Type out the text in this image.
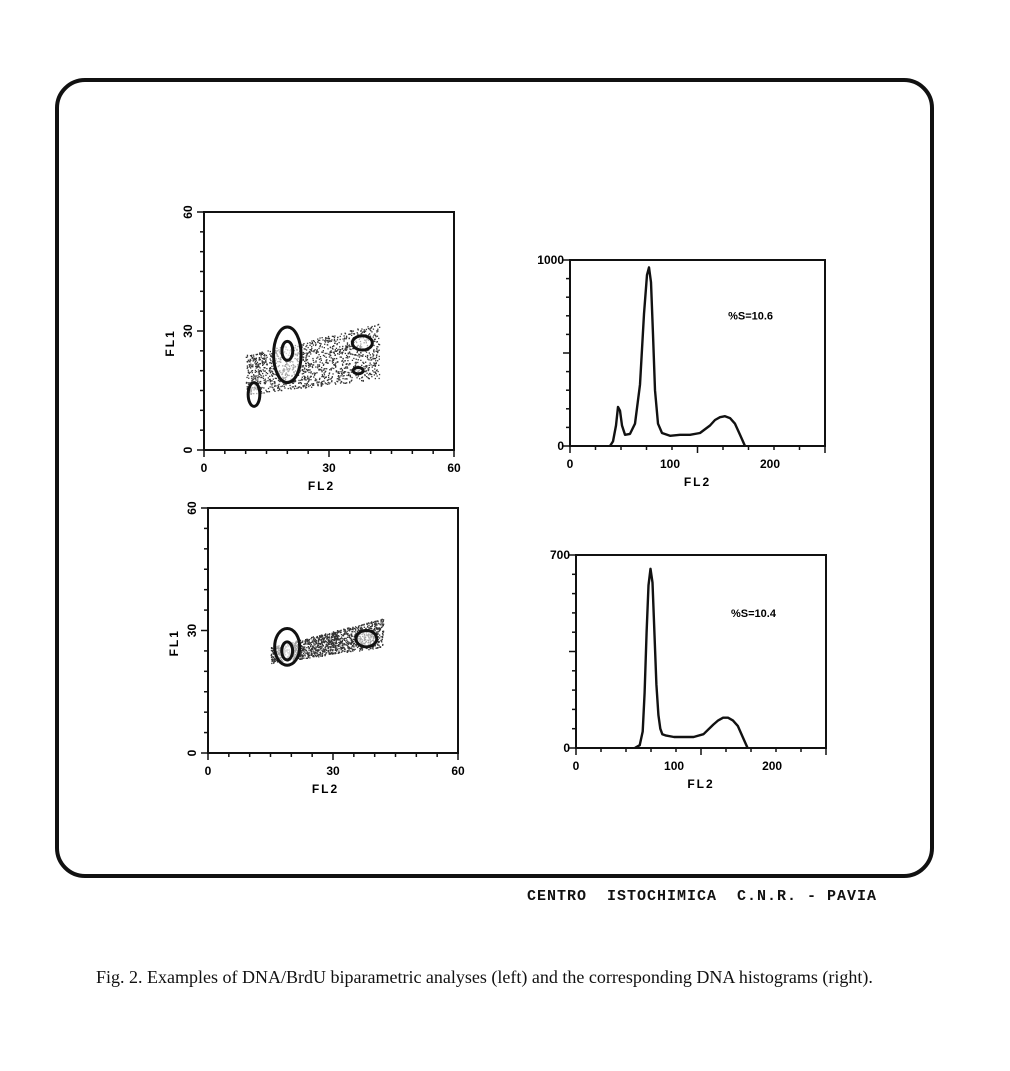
0	30	60
FL2
0
30
60
FL1
0	100	200
FL2
0
1000
%S=10.6
0	30	60
FL2
0
30
60
FL1
0	100	200
FL2
0
700
%S=10.4
CENTRO  ISTOCHIMICA  C.N.R. - PAVIA
Fig. 2. Examples of DNA/BrdU biparametric analyses (left) and the corresponding DNA histograms (right).
